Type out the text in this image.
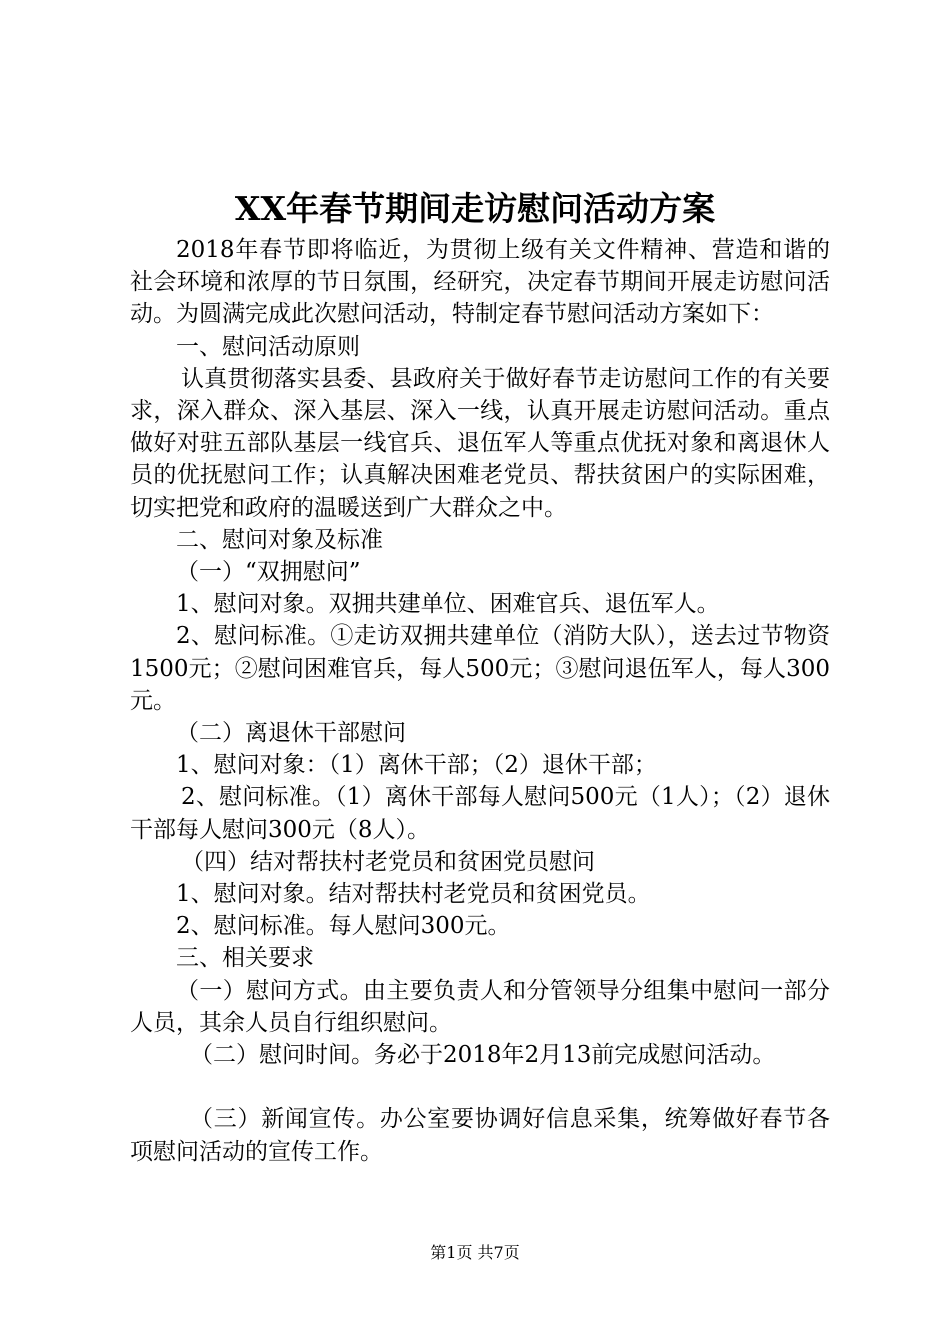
XX年春节期间走访慰问活动方案

2018年春节即将临近，为贯彻上级有关文件精神、营造和谐的社会环境和浓厚的节日氛围，经研究，决定春节期间开展走访慰问活动。为圆满完成此次慰问活动，特制定春节慰问活动方案如下：

一、慰问活动原则

认真贯彻落实县委、县政府关于做好春节走访慰问工作的有关要求，深入群众、深入基层、深入一线，认真开展走访慰问活动。重点做好对驻五部队基层一线官兵、退伍军人等重点优抚对象和离退休人员的优抚慰问工作；认真解决困难老党员、帮扶贫困户的实际困难，切实把党和政府的温暖送到广大群众之中。

二、慰问对象及标准

（一）“双拥慰问”

1、慰问对象。双拥共建单位、困难官兵、退伍军人。

2、慰问标准。①走访双拥共建单位（消防大队），送去过节物资1500元；②慰问困难官兵，每人500元；③慰问退伍军人，每人300元。

（二）离退休干部慰问

1、慰问对象：（1）离休干部；（2）退休干部；

2、慰问标准。（1）离休干部每人慰问500元（1人）；（2）退休干部每人慰问300元（8人）。

（四）结对帮扶村老党员和贫困党员慰问

1、慰问对象。结对帮扶村老党员和贫困党员。

2、慰问标准。每人慰问300元。

三、相关要求

（一）慰问方式。由主要负责人和分管领导分组集中慰问一部分人员，其余人员自行组织慰问。

（二）慰问时间。务必于2018年2月13前完成慰问活动。

（三）新闻宣传。办公室要协调好信息采集，统筹做好春节各项慰问活动的宣传工作。

第1页 共7页
